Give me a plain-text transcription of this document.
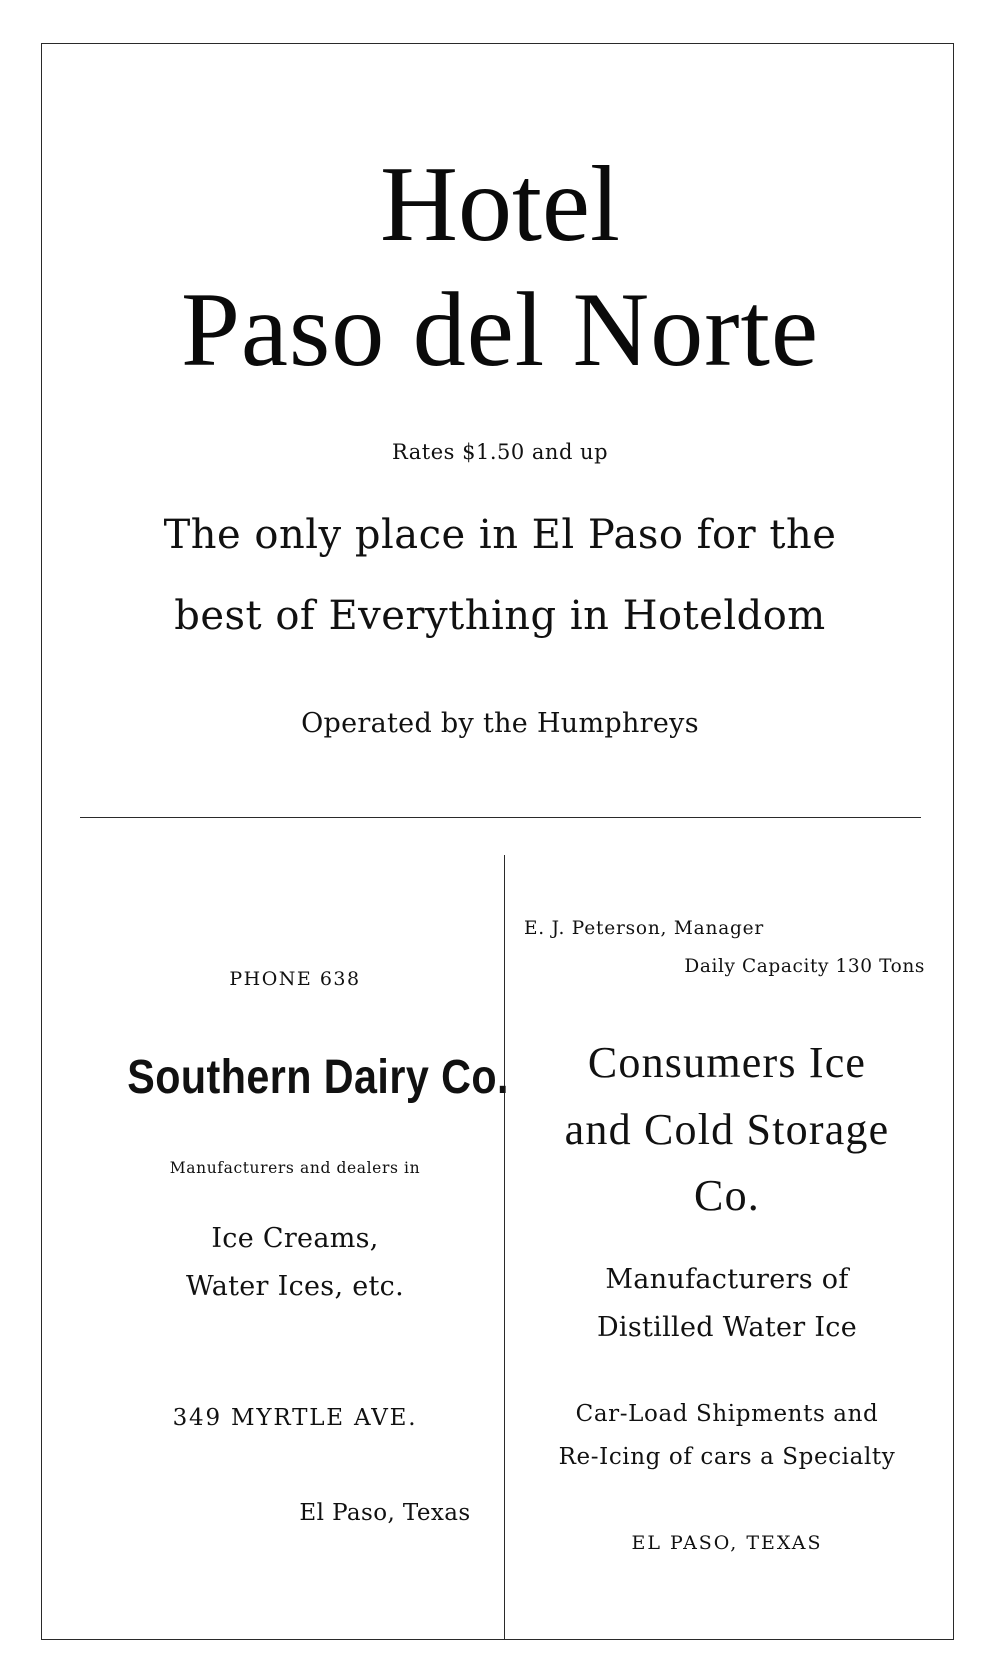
Hotel
Paso del Norte
Rates $1.50 and up
The only place in El Paso for the
best of Everything in Hoteldom
Operated by the Humphreys
PHONE 638
Southern Dairy Co.
Manufacturers and dealers in
Ice Creams,
Water Ices, etc.
349 MYRTLE AVE.
El Paso, Texas
E. J. Peterson, Manager
Daily Capacity 130 Tons
Consumers Ice
and Cold Storage
Co.
Manufacturers of
Distilled Water Ice
Car-Load Shipments and
Re-Icing of cars a Specialty
EL PASO, TEXAS
